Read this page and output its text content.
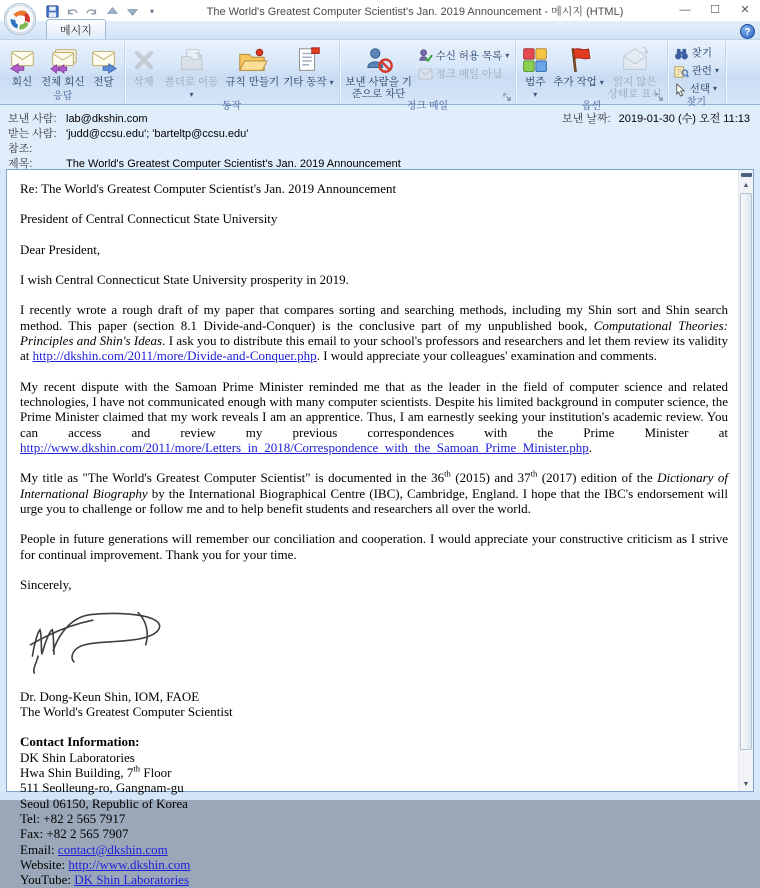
▾	The World's Greatest Computer Scientist's Jan. 2019 Announcement - 메시지 (HTML)	—	☐	✕
메시지	?
회신 전체 회신 전달
응답
삭제	폴더로 이동 ▾
규칙 만들기 기타 동작 ▾
동작
보낸 사람을 기준으로 차단
수신 허용 목록 ▾
정크 메일 아님
정크 메일
범주
▾
추가 작업 ▾ 읽지 않은 상태로 표시
옵션
찾기
관련 ▾
선택 ▾
찾기
보낸 사람: lab@dkshin.com	보낸 날짜: 2019-01-30 (수) 오전 11:13
받는 사람: 'judd@ccsu.edu'; 'barteltp@ccsu.edu'
참조:
제목:	The World's Greatest Computer Scientist's Jan. 2019 Announcement
Re: The World's Greatest Computer Scientist's Jan. 2019 Announcement
President of Central Connecticut State University
Dear President,
I wish Central Connecticut State University prosperity in 2019.
I recently wrote a rough draft of my paper that compares sorting and searching methods, including my Shin sort and Shin search method. This paper (section 8.1 Divide-and-Conquer) is the conclusive part of my unpublished book, Computational Theories: Principles and Shin's Ideas. I ask you to distribute this email to your school's professors and researchers and let them review its validity at http://dkshin.com/2011/more/Divide-and-Conquer.php. I would appreciate your colleagues' examination and comments.
My recent dispute with the Samoan Prime Minister reminded me that as the leader in the field of computer science and related technologies, I have not communicated enough with many computer scientists. Despite his limited background in computer science, the Prime Minister claimed that my work reveals I am an apprentice. Thus, I am earnestly seeking your institution's academic review. You can access and review my previous correspondences with the Prime Minister at http://www.dkshin.com/2011/more/Letters_in_2018/Correspondence_with_the_Samoan_Prime_Minister.php.
My title as "The World's Greatest Computer Scientist" is documented in the 36th (2015) and 37th (2017) edition of the Dictionary of International Biography by the International Biographical Centre (IBC), Cambridge, England. I hope that the IBC's endorsement will urge you to challenge or follow me and to help benefit students and researchers all over the world.
People in future generations will remember our conciliation and cooperation. I would appreciate your constructive criticism as I strive for continual improvement. Thank you for your time.
Sincerely,
Dr. Dong-Keun Shin, IOM, FAOE
The World's Greatest Computer Scientist
Contact Information:
DK Shin Laboratories
Hwa Shin Building, 7th Floor
511 Seolleung-ro, Gangnam-gu
Seoul 06150, Republic of Korea
Tel: +82 2 565 7917
Fax: +82 2 565 7907
Email: contact@dkshin.com
Website: http://www.dkshin.com
YouTube: DK Shin Laboratories
▲
▼
